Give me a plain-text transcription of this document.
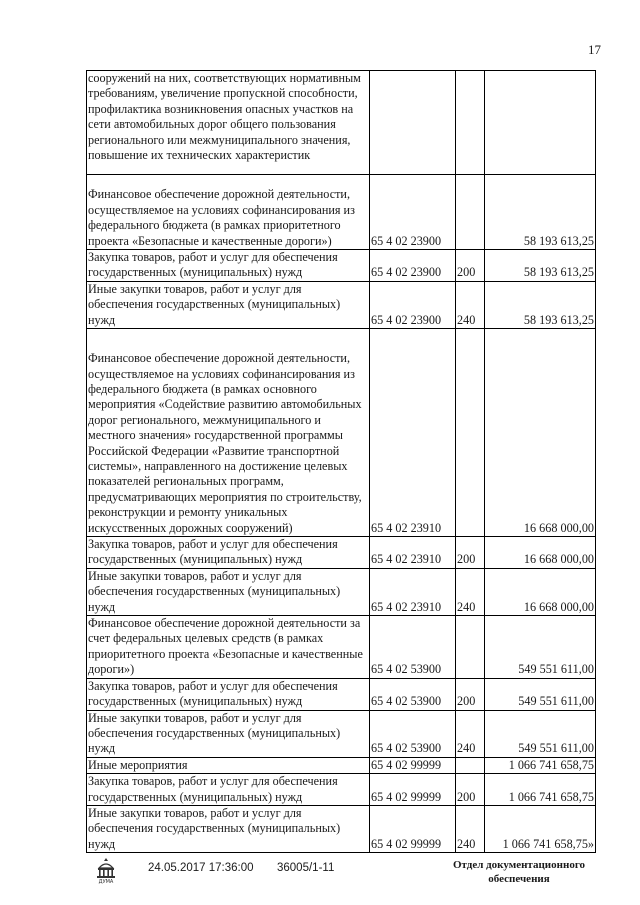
17
сооружений на них, соответствующих нормативным требованиям, увеличение пропускной способности, профилактика возникновения опасных участков на сети автомобильных дорог общего пользования регионального или межмуниципального значения, повышение их технических характеристик			
Финансовое обеспечение дорожной деятельности, осуществляемое на условиях софинансирования из федерального бюджета (в рамках приоритетного проекта «Безопасные и качественные дороги»)	65 4 02 23900		58 193 613,25
Закупка товаров, работ и услуг для обеспечения государственных (муниципальных) нужд	65 4 02 23900	200	58 193 613,25
Иные закупки товаров, работ и услуг для обеспечения государственных (муниципальных) нужд	65 4 02 23900	240	58 193 613,25
Финансовое обеспечение дорожной деятельности, осуществляемое на условиях софинансирования из федерального бюджета (в рамках основного мероприятия «Содействие развитию автомобильных дорог регионального, межмуниципального и местного значения» государственной программы Российской Федерации «Развитие транспортной системы», направленного на достижение целевых показателей региональных программ, предусматривающих мероприятия по строительству, реконструкции и ремонту уникальных искусственных дорожных сооружений)	65 4 02 23910		16 668 000,00
Закупка товаров, работ и услуг для обеспечения государственных (муниципальных) нужд	65 4 02 23910	200	16 668 000,00
Иные закупки товаров, работ и услуг для обеспечения государственных (муниципальных) нужд	65 4 02 23910	240	16 668 000,00
Финансовое обеспечение дорожной деятельности за счет федеральных целевых средств (в рамках приоритетного проекта «Безопасные и качественные дороги»)	65 4 02 53900		549 551 611,00
Закупка товаров, работ и услуг для обеспечения государственных (муниципальных) нужд	65 4 02 53900	200	549 551 611,00
Иные закупки товаров, работ и услуг для обеспечения государственных (муниципальных) нужд	65 4 02 53900	240	549 551 611,00
Иные мероприятия	65 4 02 99999		1 066 741 658,75
Закупка товаров, работ и услуг для обеспечения государственных (муниципальных) нужд	65 4 02 99999	200	1 066 741 658,75
Иные закупки товаров, работ и услуг для обеспечения государственных (муниципальных) нужд	65 4 02 99999	240	1 066 741 658,75»
ДУМА
24.05.2017 17:36:00 36005/1-11	Отдел документационного
обеспечения
